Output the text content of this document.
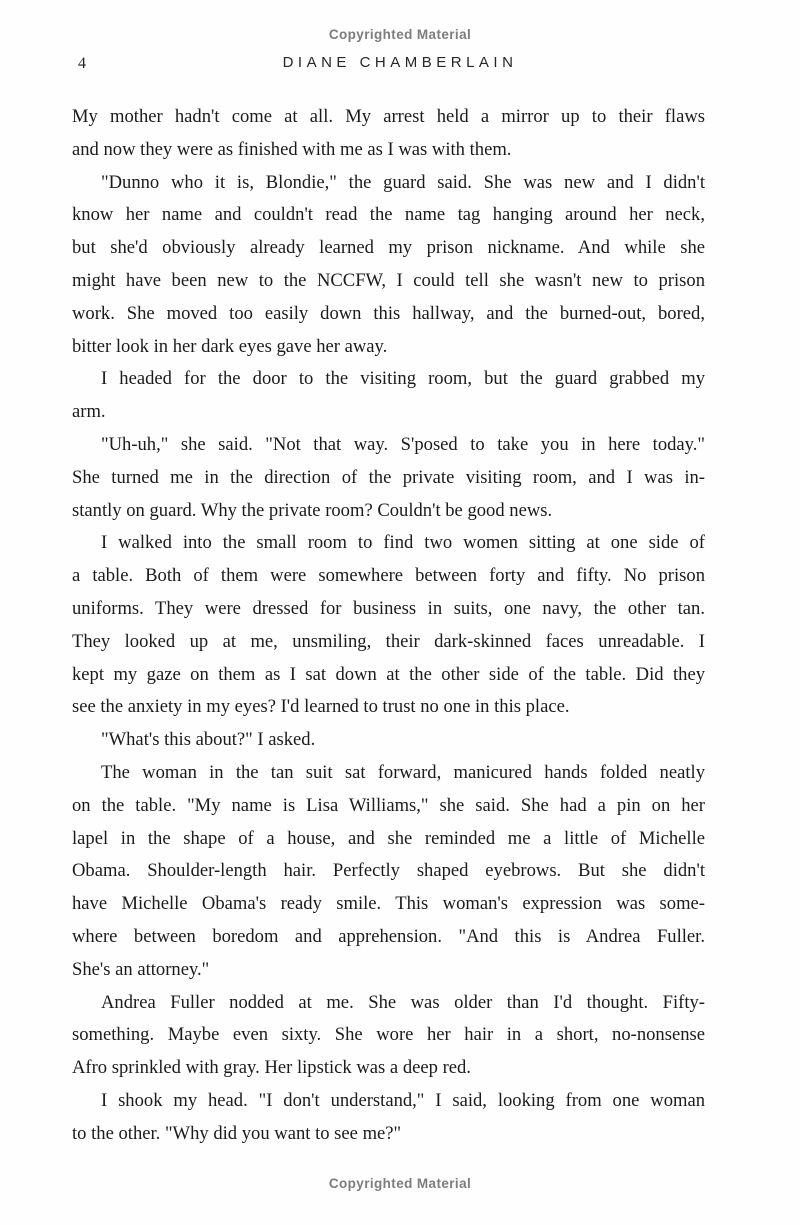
Copyrighted Material
4	DIANE CHAMBERLAIN
My mother hadn't come at all. My arrest held a mirror up to their flaws
and now they were as finished with me as I was with them.
"Dunno who it is, Blondie," the guard said. She was new and I didn't
know her name and couldn't read the name tag hanging around her neck,
but she'd obviously already learned my prison nickname. And while she
might have been new to the NCCFW, I could tell she wasn't new to prison
work. She moved too easily down this hallway, and the burned-out, bored,
bitter look in her dark eyes gave her away.
I headed for the door to the visiting room, but the guard grabbed my
arm.
"Uh-uh," she said. "Not that way. S'posed to take you in here today."
She turned me in the direction of the private visiting room, and I was in-
stantly on guard. Why the private room? Couldn't be good news.
I walked into the small room to find two women sitting at one side of
a table. Both of them were somewhere between forty and fifty. No prison
uniforms. They were dressed for business in suits, one navy, the other tan.
They looked up at me, unsmiling, their dark-skinned faces unreadable. I
kept my gaze on them as I sat down at the other side of the table. Did they
see the anxiety in my eyes? I'd learned to trust no one in this place.
"What's this about?" I asked.
The woman in the tan suit sat forward, manicured hands folded neatly
on the table. "My name is Lisa Williams," she said. She had a pin on her
lapel in the shape of a house, and she reminded me a little of Michelle
Obama. Shoulder-length hair. Perfectly shaped eyebrows. But she didn't
have Michelle Obama's ready smile. This woman's expression was some-
where between boredom and apprehension. "And this is Andrea Fuller.
She's an attorney."
Andrea Fuller nodded at me. She was older than I'd thought. Fifty-
something. Maybe even sixty. She wore her hair in a short, no-nonsense
Afro sprinkled with gray. Her lipstick was a deep red.
I shook my head. "I don't understand," I said, looking from one woman
to the other. "Why did you want to see me?"
Copyrighted Material
